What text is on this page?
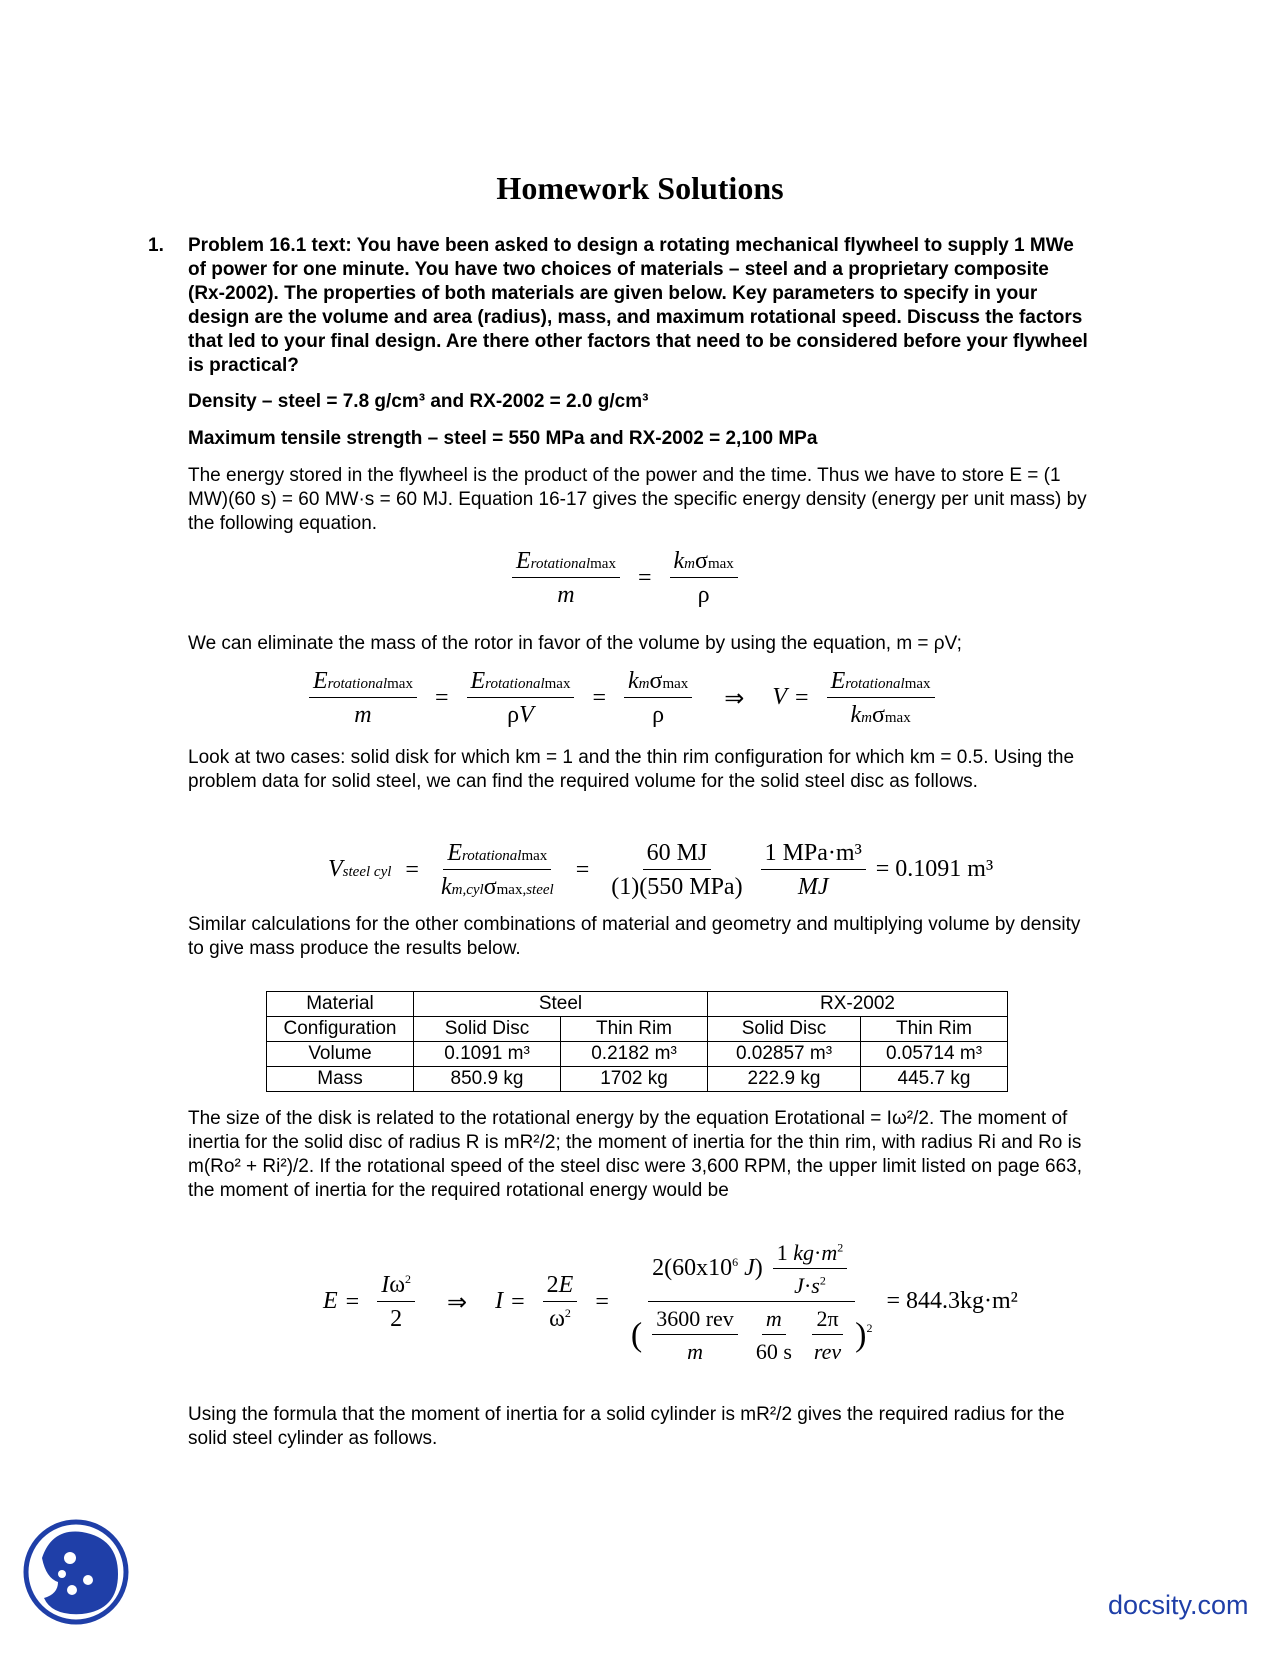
Homework Solutions
1. Problem 16.1 text: You have been asked to design a rotating mechanical flywheel to supply 1 MWe of power for one minute. You have two choices of materials – steel and a proprietary composite (Rx-2002). The properties of both materials are given below. Key parameters to specify in your design are the volume and area (radius), mass, and maximum rotational speed. Discuss the factors that led to your final design. Are there other factors that need to be considered before your flywheel is practical?
Density – steel = 7.8 g/cm³ and RX-2002 = 2.0 g/cm³
Maximum tensile strength – steel = 550 MPa and RX-2002 = 2,100 MPa
The energy stored in the flywheel is the product of the power and the time. Thus we have to store E = (1 MW)(60 s) = 60 MW·s = 60 MJ. Equation 16-17 gives the specific energy density (energy per unit mass) by the following equation.
$\frac{\text{Erotationalmax}}{m} = \frac{\text{kmσmax}}{\rho}$
We can eliminate the mass of the rotor in favor of the volume by using the equation, m = ρV;
$\frac{\text{Erotationalmax}}{m} = \frac{\text{Erotationalmax}}{\rho V} = \frac{\text{kmσmax}}{\rho}$ ⇒ $V = \frac{\text{Erotationalmax}}{\text{kmσmax}}$
Look at two cases: solid disk for which km = 1 and the thin rim configuration for which km = 0.5. Using the problem data for solid steel, we can find the required volume for the solid steel disc as follows.
Vsteel cyl = $\frac{\text{Erotationalmax}}{\text{km,cylσmax,steel}} = \frac{60 MJ}{\text{(1)(550 MPa)}}$
$\frac{\text{1 MPa·m³}}{MJ} = 0.1091$ m³
Similar calculations for the other combinations of material and geometry and multiplying volume by density to give mass produce the results below.
Material	Steel		RX-2002	
Configuration	Solid Disc	Thin Rim	Solid Disc	Thin Rim
Volume	0.1091 m³	0.2182 m³	0.02857 m³	0.05714 m³
Mass	850.9 kg	1702 kg	222.9 kg	445.7 kg
The size of the disk is related to the rotational energy by the equation Erotational = Iω²/2. The moment of inertia for the solid disc of radius R is mR²/2; the moment of inertia for the thin rim, with radius Ri and Ro is m(Ro² + Ri²)/2. If the rotational speed of the steel disc were 3,600 RPM, the upper limit listed on page 663, the moment of inertia for the required rotational energy would be
$E = \frac{I\omega^2}{2}$ ⇒ $I = \frac{2E}{\omega^2} = 2(60x10^6$ $J) \frac{1 kg\cdot m^2}{J\cdot s^2}$
( $\frac{\text{3600 rev}}{m}$
$\frac{m}{60 s}$
$\frac{2\pi}{\text{rev}} )^2 = 844.3kg\cdot m^2$
Using the formula that the moment of inertia for a solid cylinder is mR²/2 gives the required radius for the solid steel cylinder as follows.
docsity.com
